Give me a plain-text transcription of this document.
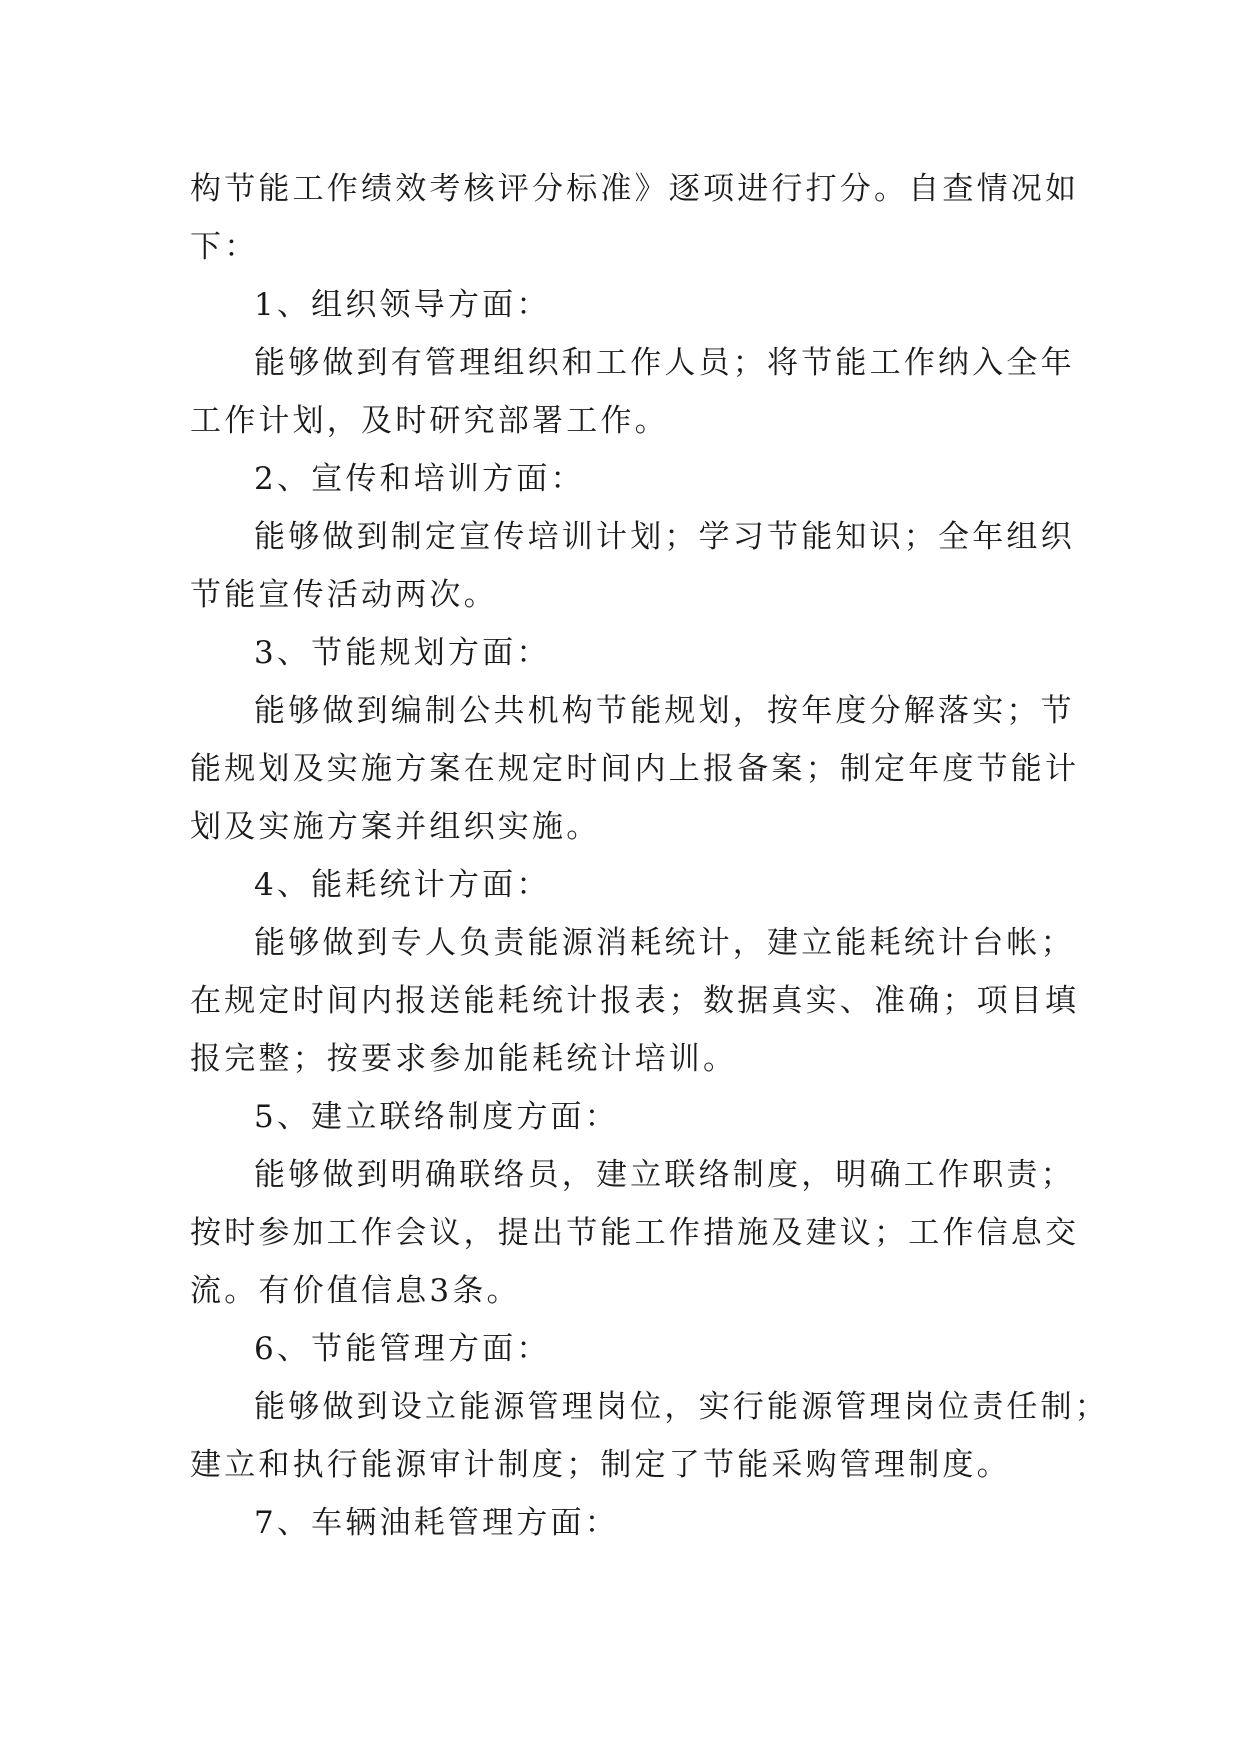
构节能工作绩效考核评分标准》逐项进行打分。自查情况如
下：
1、组织领导方面：
能够做到有管理组织和工作人员；将节能工作纳入全年
工作计划，及时研究部署工作。
2、宣传和培训方面：
能够做到制定宣传培训计划；学习节能知识；全年组织
节能宣传活动两次。
3、节能规划方面：
能够做到编制公共机构节能规划，按年度分解落实；节
能规划及实施方案在规定时间内上报备案；制定年度节能计
划及实施方案并组织实施。
4、能耗统计方面：
能够做到专人负责能源消耗统计，建立能耗统计台帐；
在规定时间内报送能耗统计报表；数据真实、准确；项目填
报完整；按要求参加能耗统计培训。
5、建立联络制度方面：
能够做到明确联络员，建立联络制度，明确工作职责；
按时参加工作会议，提出节能工作措施及建议；工作信息交
流。有价值信息3条。
6、节能管理方面：
能够做到设立能源管理岗位，实行能源管理岗位责任制；
建立和执行能源审计制度；制定了节能采购管理制度。
7、车辆油耗管理方面：
